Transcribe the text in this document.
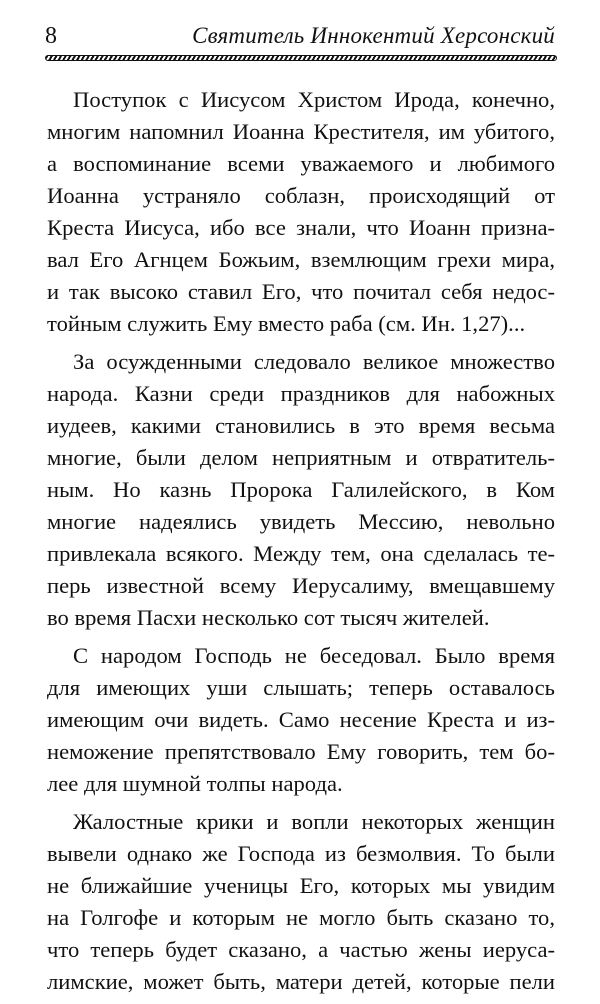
8	Святитель Иннокентий Херсонский
Поступок с Иисусом Христом Ирода, конечно,
многим напомнил Иоанна Крестителя, им убитого,
а воспоминание всеми уважаемого и любимого
Иоанна устраняло соблазн, происходящий от
Креста Иисуса, ибо все знали, что Иоанн призна-
вал Его Агнцем Божьим, вземлющим грехи мира,
и так высоко ставил Его, что почитал себя недос-
тойным служить Ему вместо раба (см. Ин. 1,27)...
За осужденными следовало великое множество
народа. Казни среди праздников для набожных
иудеев, какими становились в это время весьма
многие, были делом неприятным и отвратитель-
ным. Но казнь Пророка Галилейского, в Ком
многие надеялись увидеть Мессию, невольно
привлекала всякого. Между тем, она сделалась те-
перь известной всему Иерусалиму, вмещавшему
во время Пасхи несколько сот тысяч жителей.
С народом Господь не беседовал. Было время
для имеющих уши слышать; теперь оставалось
имеющим очи видеть. Само несение Креста и из-
неможение препятствовало Ему говорить, тем бо-
лее для шумной толпы народа.
Жалостные крики и вопли некоторых женщин
вывели однако же Господа из безмолвия. То были
не ближайшие ученицы Его, которых мы увидим
на Голгофе и которым не могло быть сказано то,
что теперь будет сказано, а частью жены иеруса-
лимские, может быть, матери детей, которые пели
